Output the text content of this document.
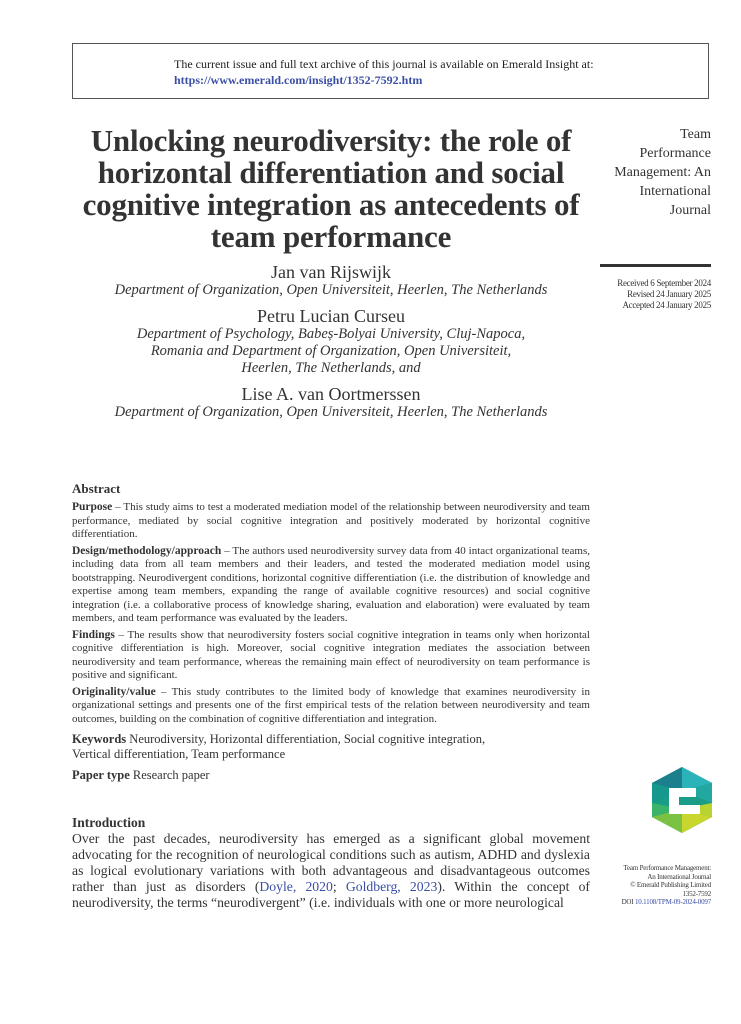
The current issue and full text archive of this journal is available on Emerald Insight at:
https://www.emerald.com/insight/1352-7592.htm
Unlocking neurodiversity: the role of horizontal differentiation and social cognitive integration as antecedents of team performance
Team
Performance
Management: An
International
Journal
Received 6 September 2024
Revised 24 January 2025
Accepted 24 January 2025
Jan van Rijswijk
Department of Organization, Open Universiteit, Heerlen, The Netherlands
Petru Lucian Curseu
Department of Psychology, Babeș-Bolyai University, Cluj-Napoca,
Romania and Department of Organization, Open Universiteit,
Heerlen, The Netherlands, and
Lise A. van Oortmerssen
Department of Organization, Open Universiteit, Heerlen, The Netherlands
Abstract

Purpose – This study aims to test a moderated mediation model of the relationship between neurodiversity and team performance, mediated by social cognitive integration and positively moderated by horizontal cognitive differentiation.

Design/methodology/approach – The authors used neurodiversity survey data from 40 intact organizational teams, including data from all team members and their leaders, and tested the moderated mediation model using bootstrapping. Neurodivergent conditions, horizontal cognitive differentiation (i.e. the distribution of knowledge and expertise among team members, expanding the range of available cognitive resources) and social cognitive integration (i.e. a collaborative process of knowledge sharing, evaluation and elaboration) were evaluated by team members, and team performance was evaluated by the leaders.

Findings – The results show that neurodiversity fosters social cognitive integration in teams only when horizontal cognitive differentiation is high. Moreover, social cognitive integration mediates the association between neurodiversity and team performance, whereas the remaining main effect of neurodiversity on team performance is positive and significant.

Originality/value – This study contributes to the limited body of knowledge that examines neurodiversity in organizational settings and presents one of the first empirical tests of the relation between neurodiversity and team outcomes, building on the combination of cognitive differentiation and integration.

Keywords Neurodiversity, Horizontal differentiation, Social cognitive integration,
Vertical differentiation, Team performance

Paper type Research paper

Introduction

Over the past decades, neurodiversity has emerged as a significant global movement advocating for the recognition of neurological conditions such as autism, ADHD and dyslexia as logical evolutionary variations with both advantageous and disadvantageous outcomes rather than just as disorders (Doyle, 2020; Goldberg, 2023). Within the concept of neurodiversity, the terms “neurodivergent” (i.e. individuals with one or more neurological

Team Performance Management:
An International Journal
© Emerald Publishing Limited
1352-7592
DOI 10.1108/TPM-09-2024-0097
